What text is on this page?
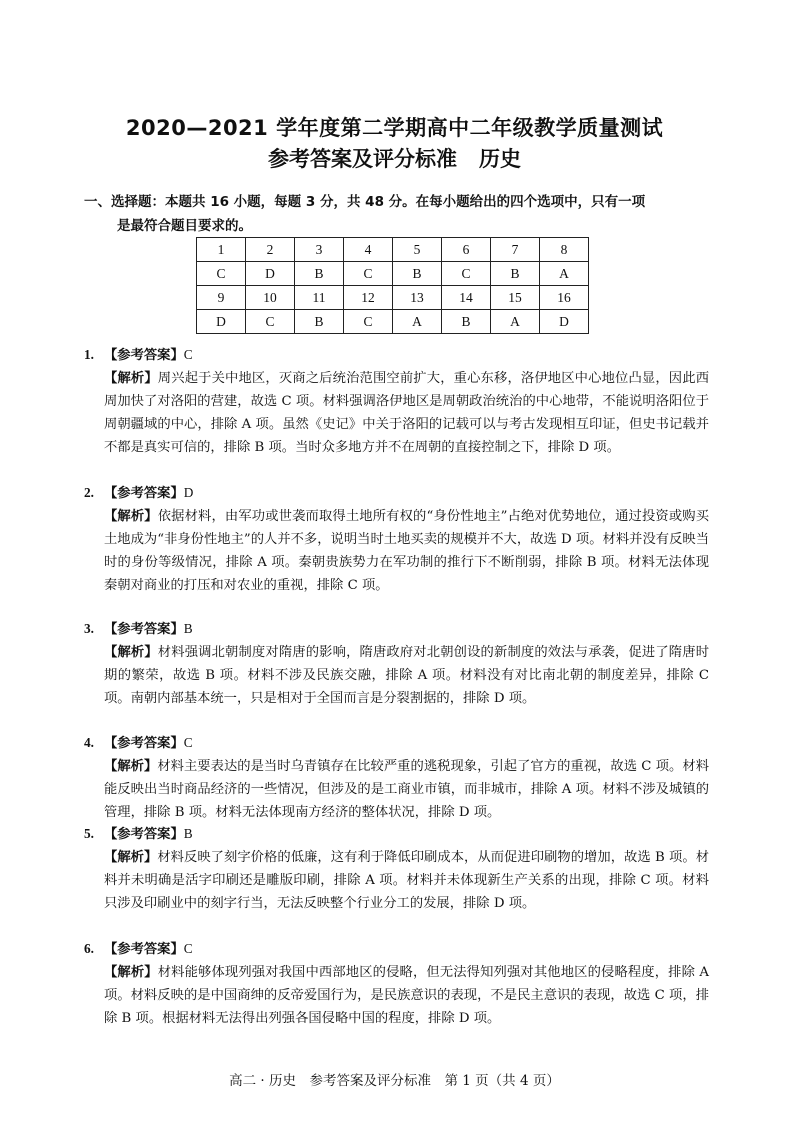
2020—2021 学年度第二学期高中二年级教学质量测试
参考答案及评分标准 历史
一、选择题：本题共 16 小题，每题 3 分，共 48 分。在每小题给出的四个选项中，只有一项
是最符合题目要求的。
1	2	3	4	5	6	7	8
C	D	B	C	B	C	B	A
9	10	11	12	13	14	15	16
D	C	B	C	A	B	A	D
1. 【参考答案】C
【解析】周兴起于关中地区，灭商之后统治范围空前扩大，重心东移，洛伊地区中心地位凸显，因此西周加快了对洛阳的营建，故选 C 项。材料强调洛伊地区是周朝政治统治的中心地带，不能说明洛阳位于周朝疆域的中心，排除 A 项。虽然《史记》中关于洛阳的记载可以与考古发现相互印证，但史书记载并不都是真实可信的，排除 B 项。当时众多地方并不在周朝的直接控制之下，排除 D 项。
2. 【参考答案】D
【解析】依据材料，由军功或世袭而取得土地所有权的“身份性地主”占绝对优势地位，通过投资或购买土地成为“非身份性地主”的人并不多，说明当时土地买卖的规模并不大，故选 D 项。材料并没有反映当时的身份等级情况，排除 A 项。秦朝贵族势力在军功制的推行下不断削弱，排除 B 项。材料无法体现秦朝对商业的打压和对农业的重视，排除 C 项。
3. 【参考答案】B
【解析】材料强调北朝制度对隋唐的影响，隋唐政府对北朝创设的新制度的效法与承袭，促进了隋唐时期的繁荣，故选 B 项。材料不涉及民族交融，排除 A 项。材料没有对比南北朝的制度差异，排除 C 项。南朝内部基本统一，只是相对于全国而言是分裂割据的，排除 D 项。
4. 【参考答案】C
【解析】材料主要表达的是当时乌青镇存在比较严重的逃税现象，引起了官方的重视，故选 C 项。材料能反映出当时商品经济的一些情况，但涉及的是工商业市镇，而非城市，排除 A 项。材料不涉及城镇的管理，排除 B 项。材料无法体现南方经济的整体状况，排除 D 项。
5. 【参考答案】B
【解析】材料反映了刻字价格的低廉，这有利于降低印刷成本，从而促进印刷物的增加，故选 B 项。材料并未明确是活字印刷还是雕版印刷，排除 A 项。材料并未体现新生产关系的出现，排除 C 项。材料只涉及印刷业中的刻字行当，无法反映整个行业分工的发展，排除 D 项。
6. 【参考答案】C
【解析】材料能够体现列强对我国中西部地区的侵略，但无法得知列强对其他地区的侵略程度，排除 A 项。材料反映的是中国商绅的反帝爱国行为，是民族意识的表现，不是民主意识的表现，故选 C 项，排除 B 项。根据材料无法得出列强各国侵略中国的程度，排除 D 项。
高二 · 历史　参考答案及评分标准　第 1 页（共 4 页）
